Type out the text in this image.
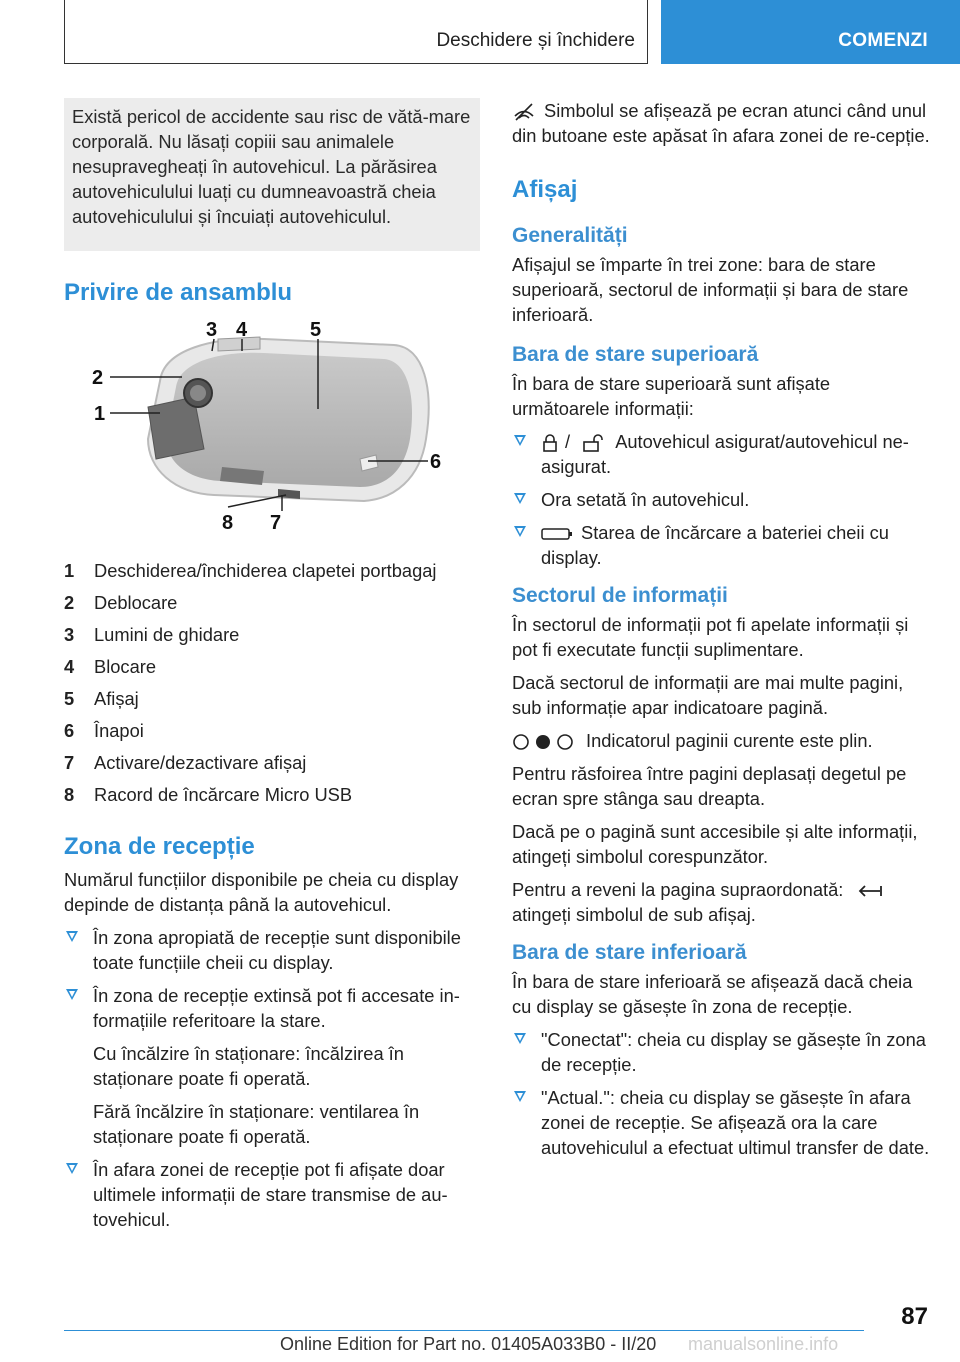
Deschidere și închidere	COMENZI
Există pericol de accidente sau risc de vătă-mare corporală. Nu lăsați copiii sau animalele nesupravegheați în autovehicul. La părăsirea autovehiculului luați cu dumneavoastră cheia autovehiculului și încuiați autovehiculul.
Privire de ansamblu
3 4	5
2
1
6
8 7
1	Deschiderea/închiderea clapetei portbagaj
2	Deblocare
3	Lumini de ghidare
4	Blocare
5	Afișaj
6	Înapoi
7	Activare/dezactivare afișaj
8	Racord de încărcare Micro USB
Zona de recepție

Numărul funcțiilor disponibile pe cheia cu display depinde de distanța până la autovehicul.

În zona apropiată de recepție sunt disponibile toate funcțiile cheii cu display.
În zona de recepție extinsă pot fi accesate in-formațiile referitoare la stare.
Cu încălzire în staționare: încălzirea în staționare poate fi operată.
Fără încălzire în staționare: ventilarea în staționare poate fi operată.
În afara zonei de recepție pot fi afișate doar ultimele informații de stare transmise de au-tovehicul.

Simbolul se afișează pe ecran atunci când unul din butoane este apăsat în afara zonei de re-cepție.

Afișaj
Generalități

Afișajul se împarte în trei zone: bara de stare superioară, sectorul de informații și bara de stare inferioară.

Bara de stare superioară

În bara de stare superioară sunt afișate următoarele informații:

/ Autovehicul asigurat/autovehicul ne-asigurat.
Ora setată în autovehicul.
Starea de încărcare a bateriei cheii cu display.
Sectorul de informații

În sectorul de informații pot fi apelate informații și pot fi executate funcții suplimentare.

Dacă sectorul de informații are mai multe pagini, sub informație apar indicatoare pagină.

Indicatorul paginii curente este plin.

Pentru răsfoirea între pagini deplasați degetul pe ecran spre stânga sau dreapta.

Dacă pe o pagină sunt accesibile și alte informații, atingeți simbolul corespunzător.

Pentru a reveni la pagina supraordonată:
atingeți simbolul de sub afișaj.

Bara de stare inferioară

În bara de stare inferioară se afișează dacă cheia cu display se găsește în zona de recepție.

"Conectat": cheia cu display se găsește în zona de recepție.
"Actual.": cheia cu display se găsește în afara zonei de recepție. Se afișează ora la care autovehiculul a efectuat ultimul transfer de date.
87
Online Edition for Part no. 01405A033B0 - II/20 manualsonline.info
